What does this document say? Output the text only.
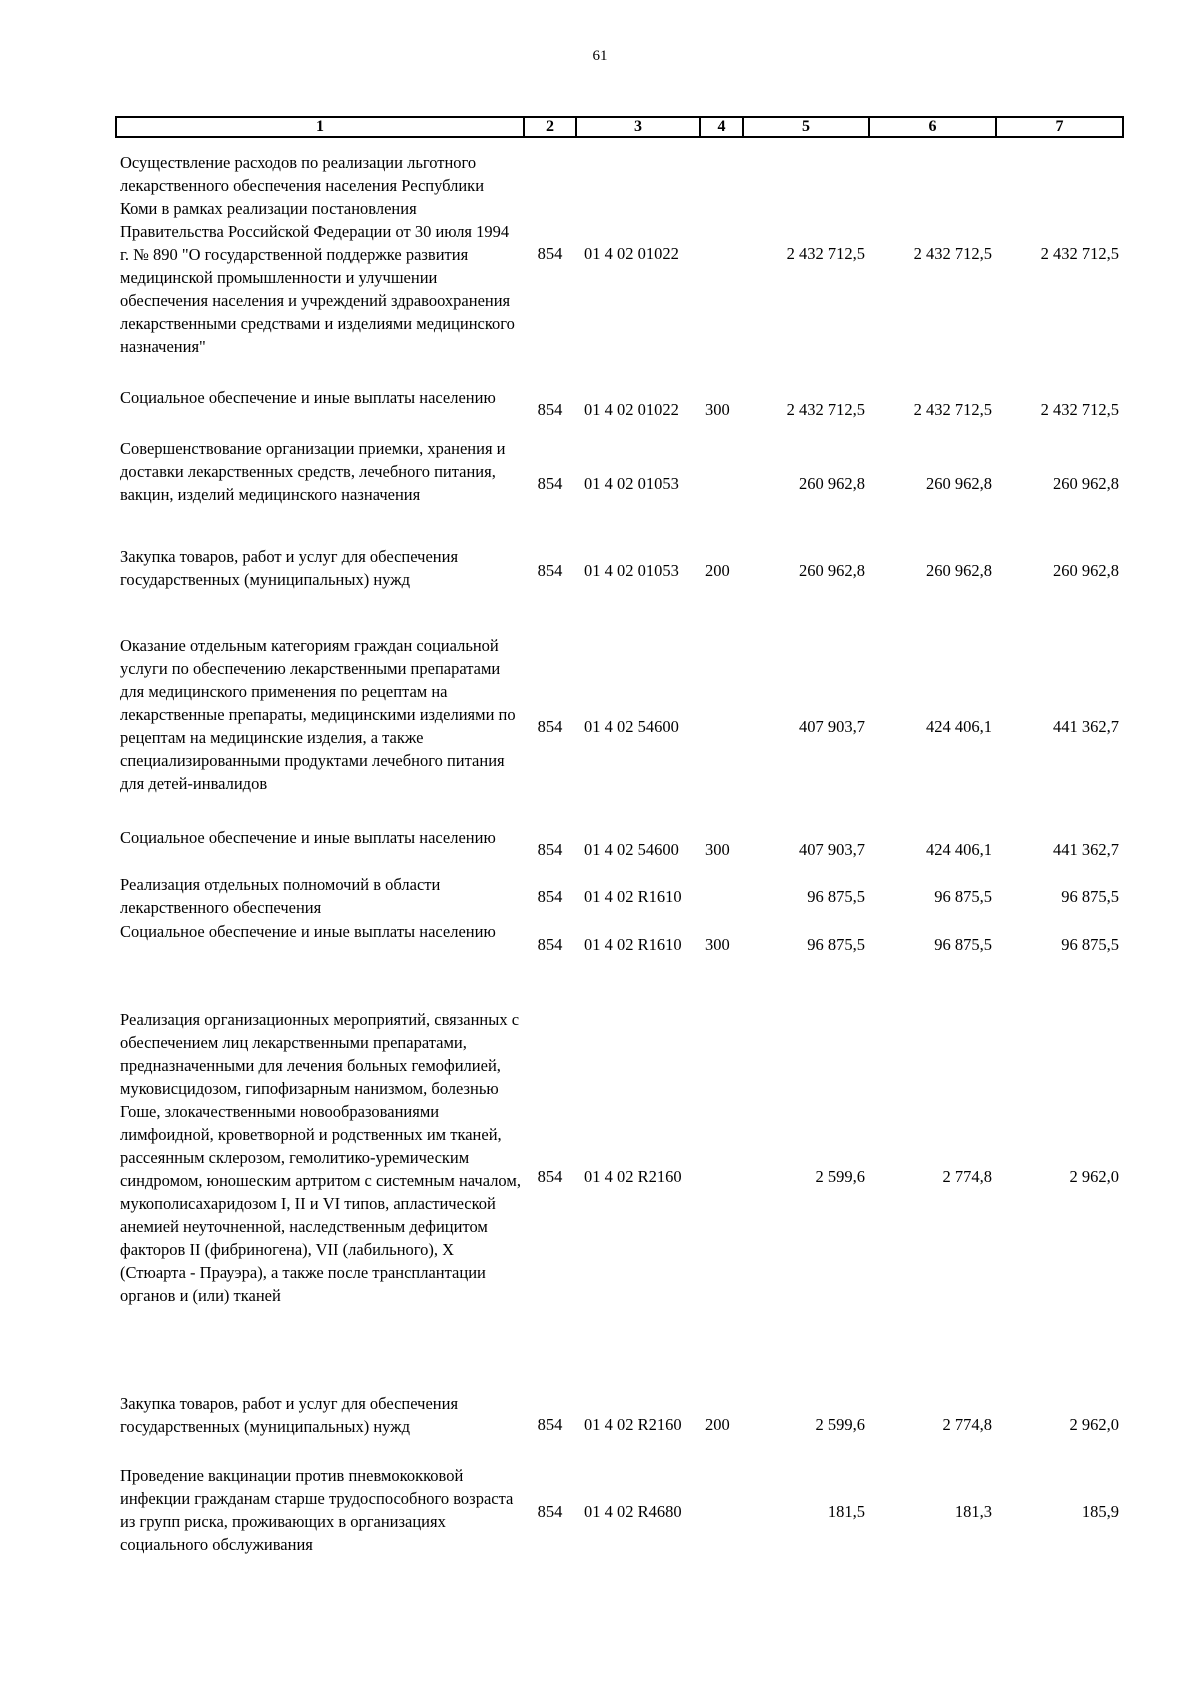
61
1	2	3	4	5	6	7
Осуществление расходов по реализации льготного лекарственного обеспечения населения Республики Коми в рамках реализации постановления Правительства Российской Федерации от 30 июля 1994 г. № 890 "О государственной поддержке развития медицинской промышленности и улучшении обеспечения населения и учреждений здравоохранения лекарственными средствами и изделиями медицинского назначения"	854	01 4 02 01022		2 432 712,5	2 432 712,5	2 432 712,5
Социальное обеспечение и иные выплаты населению	854	01 4 02 01022	300	2 432 712,5	2 432 712,5	2 432 712,5
Совершенствование организации приемки, хранения и доставки лекарственных средств, лечебного питания, вакцин, изделий медицинского назначения	854	01 4 02 01053		260 962,8	260 962,8	260 962,8
Закупка товаров, работ и услуг для обеспечения государственных (муниципальных) нужд	854	01 4 02 01053	200	260 962,8	260 962,8	260 962,8
Оказание отдельным категориям граждан социальной услуги по обеспечению лекарственными препаратами для медицинского применения по рецептам на лекарственные препараты, медицинскими изделиями по рецептам на медицинские изделия, а также специализированными продуктами лечебного питания для детей-инвалидов	854	01 4 02 54600		407 903,7	424 406,1	441 362,7
Социальное обеспечение и иные выплаты населению	854	01 4 02 54600	300	407 903,7	424 406,1	441 362,7
Реализация отдельных полномочий в области лекарственного обеспечения	854	01 4 02 R1610		96 875,5	96 875,5	96 875,5
Социальное обеспечение и иные выплаты населению	854	01 4 02 R1610	300	96 875,5	96 875,5	96 875,5
Реализация организационных мероприятий, связанных с обеспечением лиц лекарственными препаратами, предназначенными для лечения больных гемофилией, муковисцидозом, гипофизарным нанизмом, болезнью Гоше, злокачественными новообразованиями лимфоидной, кроветворной и родственных им тканей, рассеянным склерозом, гемолитико-уремическим синдромом, юношеским артритом с системным началом, мукополисахаридозом I, II и VI типов, апластической анемией неуточненной, наследственным дефицитом факторов II (фибриногена), VII (лабильного), X (Стюарта - Прауэра), а также после трансплантации органов и (или) тканей	854	01 4 02 R2160		2 599,6	2 774,8	2 962,0
Закупка товаров, работ и услуг для обеспечения государственных (муниципальных) нужд	854	01 4 02 R2160	200	2 599,6	2 774,8	2 962,0
Проведение вакцинации против пневмококковой инфекции гражданам старше трудоспособного возраста из групп риска, проживающих в организациях социального обслуживания	854	01 4 02 R4680		181,5	181,3	185,9
